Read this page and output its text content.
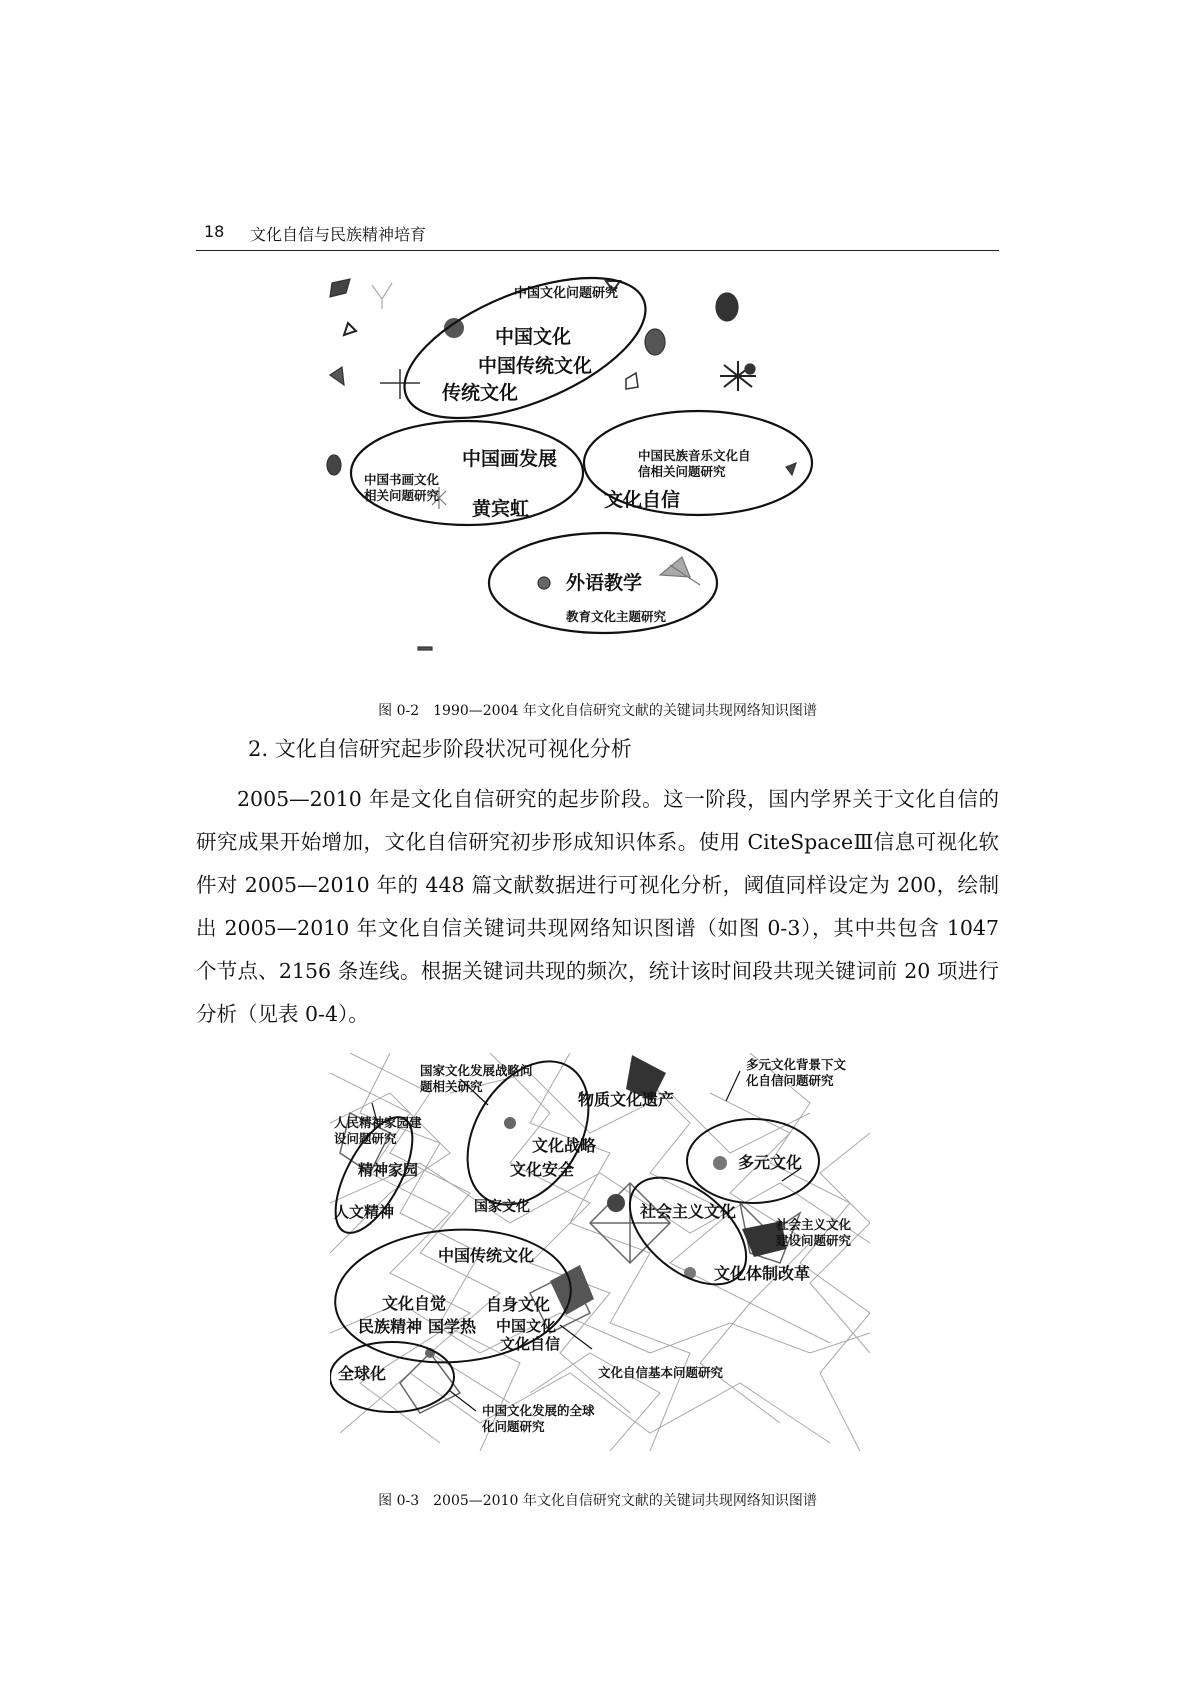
18 文化自信与民族精神培育
中国文化问题研究
中国文化
中国传统文化
传统文化
中国画发展
中国书画文化
相关问题研究
黄宾虹
中国民族音乐文化自
信相关问题研究
文化自信
外语教学
教育文化主题研究
图 0-2　1990—2004 年文化自信研究文献的关键词共现网络知识图谱
2. 文化自信研究起步阶段状况可视化分析

2005—2010 年是文化自信研究的起步阶段。这一阶段，国内学界关于文化自信的研究成果开始增加，文化自信研究初步形成知识体系。使用 CiteSpaceⅢ信息可视化软件对 2005—2010 年的 448 篇文献数据进行可视化分析，阈值同样设定为 200，绘制出 2005—2010 年文化自信关键词共现网络知识图谱（如图 0-3），其中共包含 1047 个节点、2156 条连线。根据关键词共现的频次，统计该时间段共现关键词前 20 项进行分析（见表 0-4）。

国家文化发展战略问
题相关研究
物质文化遗产
多元文化背景下文
化自信问题研究
人民精神家园建
设问题研究
精神家园
人文精神
文化战略
文化安全
国家文化
多元文化
社会主义文化
社会主义文化
建设问题研究
文化体制改革
中国传统文化
文化自觉 自身文化
民族精神 国学热 中国文化
文化自信
文化自信基本问题研究
全球化
中国文化发展的全球
化问题研究
图 0-3　2005—2010 年文化自信研究文献的关键词共现网络知识图谱
